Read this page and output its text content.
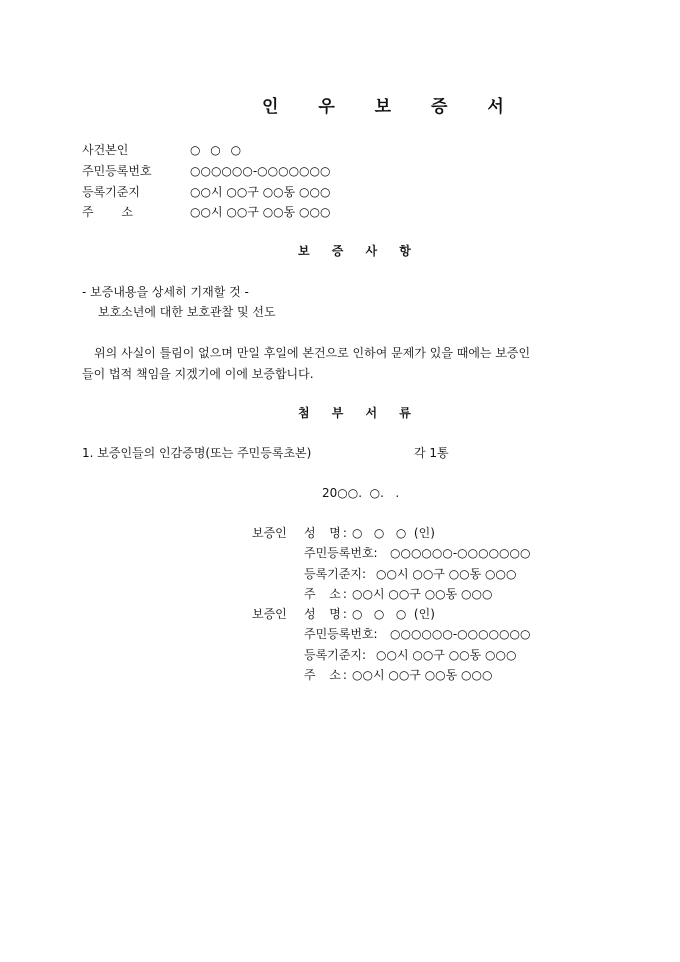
인 우 보 증 서
사건본인	○ ○ ○
주민등록번호	○○○○○○-○○○○○○○
등록기준지	○○시 ○○구 ○○동 ○○○
주 소	○○시 ○○구 ○○동 ○○○
보 증 사 항
- 보증내용을 상세히 기재할 것 -
보호소년에 대한 보호관찰 및 선도
위의 사실이 틀림이 없으며 만일 후일에 본건으로 인하여 문제가 있을 때에는 보증인
들이 법적 책임을 지겠기에 이에 보증합니다.
첨 부 서 류
1. 보증인들의 인감증명(또는 주민등록초본)	각 1통
20○○.  ○.   .
보증인 성  명: ○   ○   ○  (인)
주민등록번호: ○○○○○○-○○○○○○○
등록기준지: ○○시 ○○구 ○○동 ○○○
주  소: ○○시 ○○구 ○○동 ○○○
보증인 성  명: ○   ○   ○  (인)
주민등록번호: ○○○○○○-○○○○○○○
등록기준지: ○○시 ○○구 ○○동 ○○○
주  소: ○○시 ○○구 ○○동 ○○○
